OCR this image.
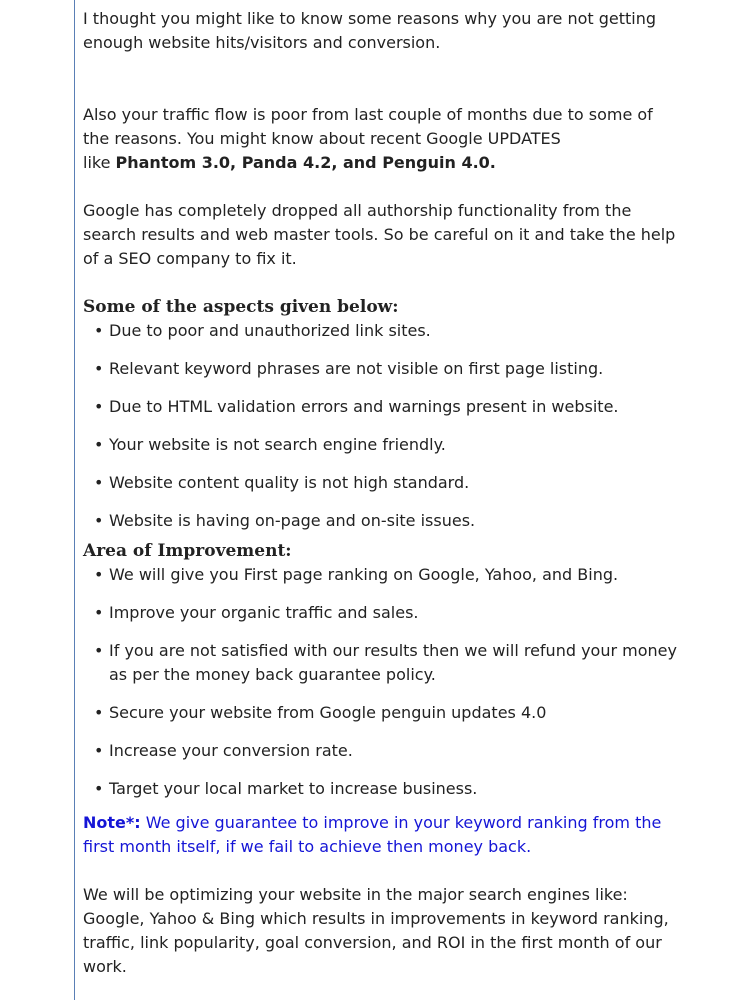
I thought you might like to know some reasons why you are not getting enough website hits/visitors and conversion.

Also your traffic flow is poor from last couple of months due to some of the reasons. You might know about recent Google UPDATES
like Phantom 3.0, Panda 4.2, and Penguin 4.0.

Google has completely dropped all authorship functionality from the search results and web master tools. So be careful on it and take the help of a SEO company to fix it.

Some of the aspects given below:
• Due to poor and unauthorized link sites.
• Relevant keyword phrases are not visible on first page listing.
• Due to HTML validation errors and warnings present in website.
• Your website is not search engine friendly.
• Website content quality is not high standard.
• Website is having on-page and on-site issues.
Area of Improvement:
• We will give you First page ranking on Google, Yahoo, and Bing.
• Improve your organic traffic and sales.
• If you are not satisfied with our results then we will refund your money as per the money back guarantee policy.
• Secure your website from Google penguin updates 4.0
• Increase your conversion rate.
• Target your local market to increase business.

Note*: We give guarantee to improve in your keyword ranking from the first month itself, if we fail to achieve then money back.

We will be optimizing your website in the major search engines like: Google, Yahoo & Bing which results in improvements in keyword ranking, traffic, link popularity, goal conversion, and ROI in the first month of our work.
